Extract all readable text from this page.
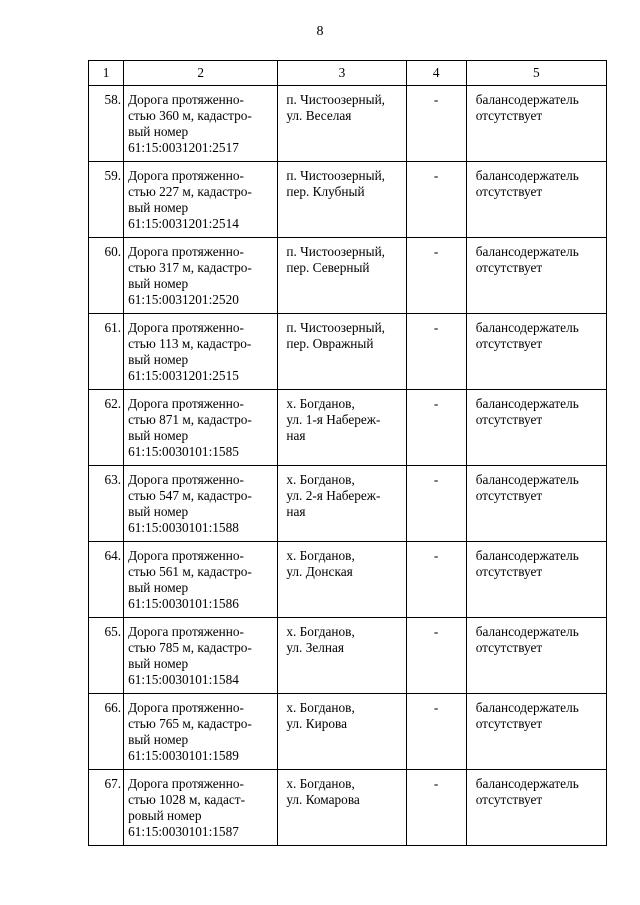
8
1	2	3	4	5
58.	Дорога протяженно-
стью 360 м, кадастро-
вый номер
61:15:0031201:2517	п. Чистоозерный,
ул. Веселая	-	балансодержатель
отсутствует

59.	Дорога протяженно-
стью 227 м, кадастро-
вый номер
61:15:0031201:2514	п. Чистоозерный,
пер. Клубный	-	балансодержатель
отсутствует

60.	Дорога протяженно-
стью 317 м, кадастро-
вый номер
61:15:0031201:2520	п. Чистоозерный,
пер. Северный	-	балансодержатель
отсутствует

61.	Дорога протяженно-
стью 113 м, кадастро-
вый номер
61:15:0031201:2515	п. Чистоозерный,
пер. Овражный	-	балансодержатель
отсутствует

62.	Дорога протяженно-
стью 871 м, кадастро-
вый номер
61:15:0030101:1585	х. Богданов,
ул. 1-я Набереж-
ная	-	балансодержатель
отсутствует

63.	Дорога протяженно-
стью 547 м, кадастро-
вый номер
61:15:0030101:1588	х. Богданов,
ул. 2-я Набереж-
ная	-	балансодержатель
отсутствует

64.	Дорога протяженно-
стью 561 м, кадастро-
вый номер
61:15:0030101:1586	х. Богданов,
ул. Донская	-	балансодержатель
отсутствует

65.	Дорога протяженно-
стью 785 м, кадастро-
вый номер
61:15:0030101:1584	х. Богданов,
ул. Зелная	-	балансодержатель
отсутствует

66.	Дорога протяженно-
стью 765 м, кадастро-
вый номер
61:15:0030101:1589	х. Богданов,
ул. Кирова	-	балансодержатель
отсутствует

67.	Дорога протяженно-
стью 1028 м, кадаст-
ровый номер
61:15:0030101:1587	х. Богданов,
ул. Комарова	-	балансодержатель
отсутствует
